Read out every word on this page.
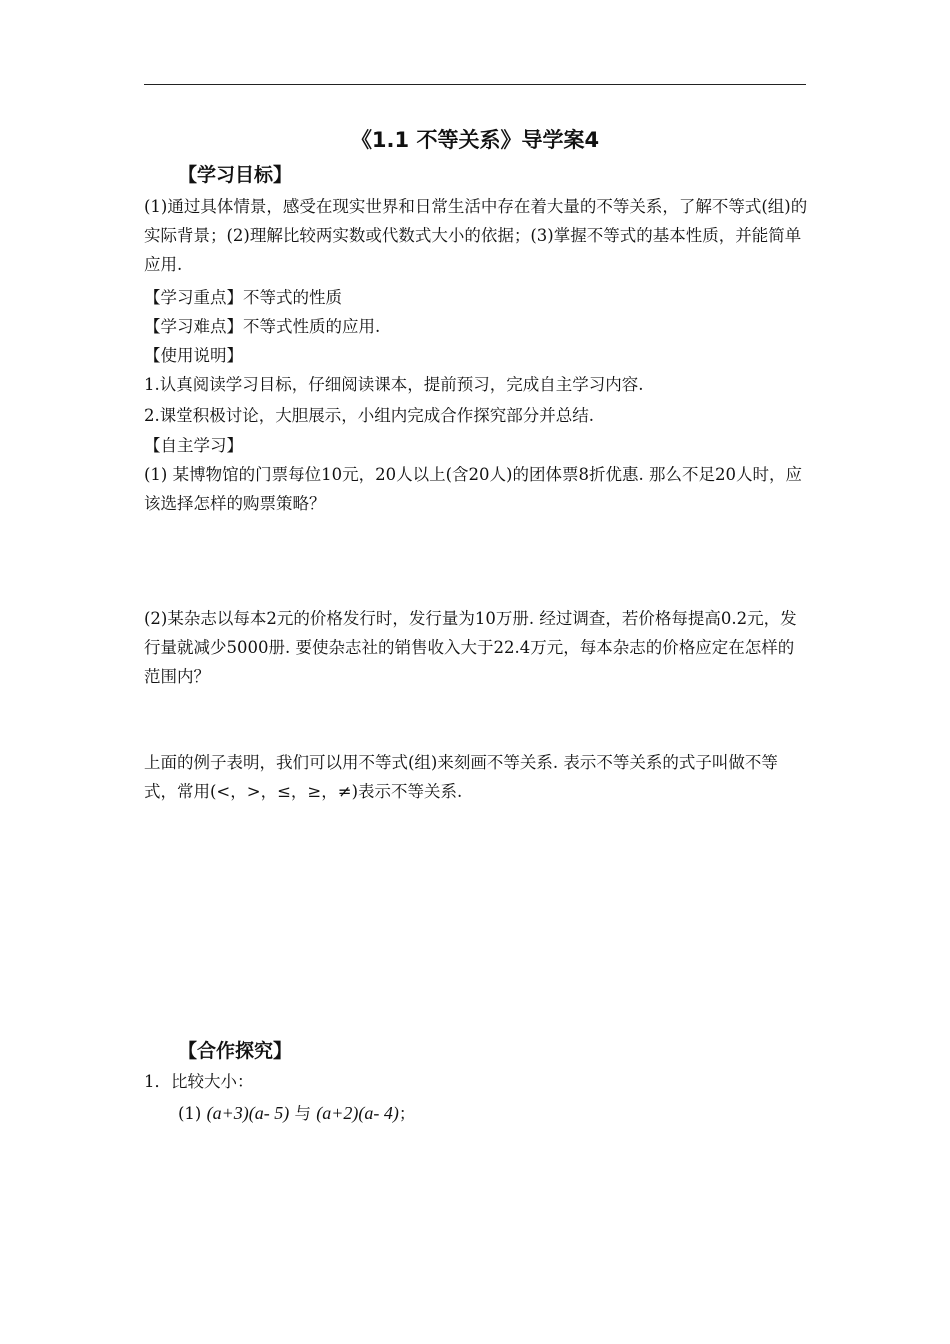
《1.1 不等关系》导学案4
【学习目标】

(1)通过具体情景，感受在现实世界和日常生活中存在着大量的不等关系，了解不等式(组)的实际背景；(2)理解比较两实数或代数式大小的依据；(3)掌握不等式的基本性质，并能简单应用.

【学习重点】不等式的性质
【学习难点】不等式性质的应用.
【使用说明】
1.认真阅读学习目标，仔细阅读课本，提前预习，完成自主学习内容.
2.课堂积极讨论，大胆展示，小组内完成合作探究部分并总结.
【自主学习】

(1) 某博物馆的门票每位10元，20人以上(含20人)的团体票8折优惠. 那么不足20人时，应该选择怎样的购票策略？

(2)某杂志以每本2元的价格发行时，发行量为10万册. 经过调查，若价格每提高0.2元，发行量就减少5000册. 要使杂志社的销售收入大于22.4万元，每本杂志的价格应定在怎样的范围内？

上面的例子表明，我们可以用不等式(组)来刻画不等关系. 表示不等关系的式子叫做不等式，常用(<，>，≤，≥，≠)表示不等关系.

【合作探究】
1．比较大小：
(1) (a+3)(a- 5) 与 (a+2)(a- 4)；
